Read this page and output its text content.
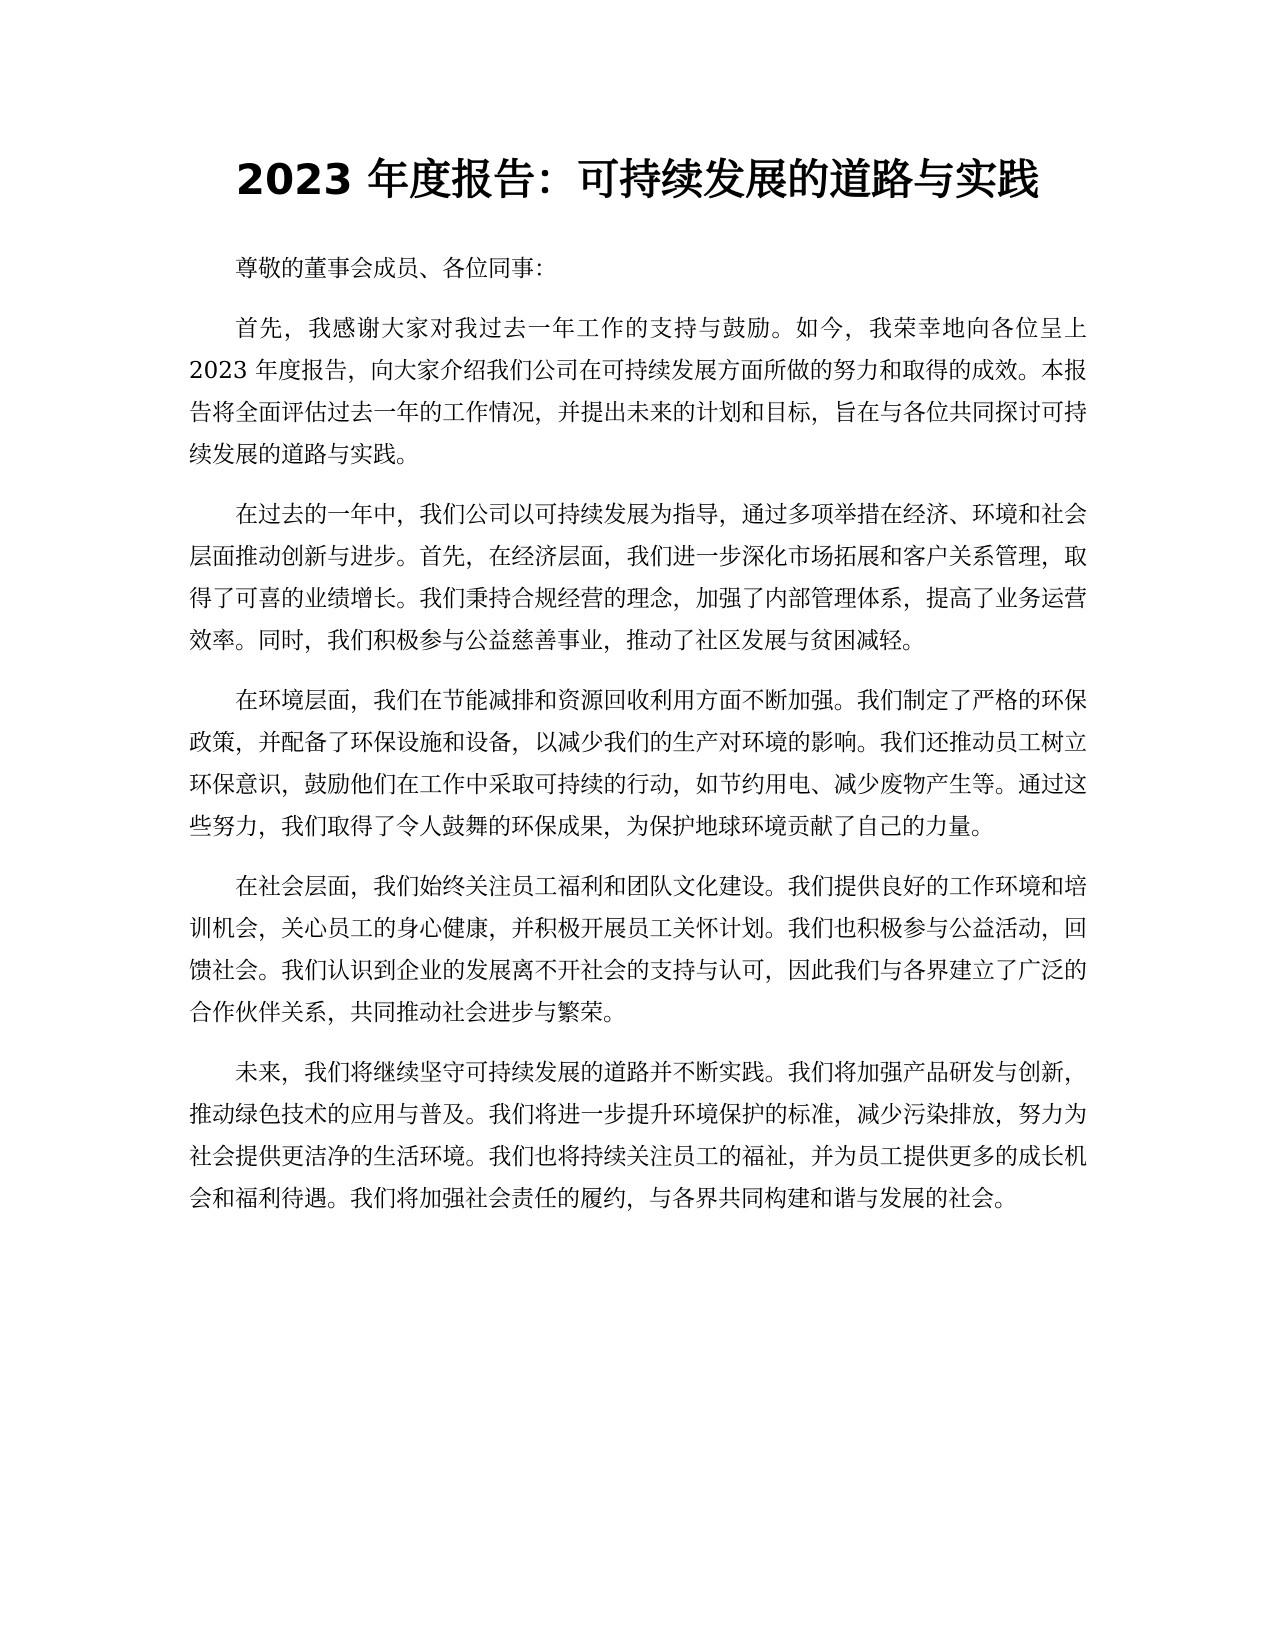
2023 年度报告：可持续发展的道路与实践

尊敬的董事会成员、各位同事：

首先，我感谢大家对我过去一年工作的支持与鼓励。如今，我荣幸地向各位呈上 2023 年度报告，向大家介绍我们公司在可持续发展方面所做的努力和取得的成效。本报告将全面评估过去一年的工作情况，并提出未来的计划和目标，旨在与各位共同探讨可持续发展的道路与实践。

在过去的一年中，我们公司以可持续发展为指导，通过多项举措在经济、环境和社会层面推动创新与进步。首先，在经济层面，我们进一步深化市场拓展和客户关系管理，取得了可喜的业绩增长。我们秉持合规经营的理念，加强了内部管理体系，提高了业务运营效率。同时，我们积极参与公益慈善事业，推动了社区发展与贫困减轻。

在环境层面，我们在节能减排和资源回收利用方面不断加强。我们制定了严格的环保政策，并配备了环保设施和设备，以减少我们的生产对环境的影响。我们还推动员工树立环保意识，鼓励他们在工作中采取可持续的行动，如节约用电、减少废物产生等。通过这些努力，我们取得了令人鼓舞的环保成果，为保护地球环境贡献了自己的力量。

在社会层面，我们始终关注员工福利和团队文化建设。我们提供良好的工作环境和培训机会，关心员工的身心健康，并积极开展员工关怀计划。我们也积极参与公益活动，回馈社会。我们认识到企业的发展离不开社会的支持与认可，因此我们与各界建立了广泛的合作伙伴关系，共同推动社会进步与繁荣。

未来，我们将继续坚守可持续发展的道路并不断实践。我们将加强产品研发与创新，推动绿色技术的应用与普及。我们将进一步提升环境保护的标准，减少污染排放，努力为社会提供更洁净的生活环境。我们也将持续关注员工的福祉，并为员工提供更多的成长机会和福利待遇。我们将加强社会责任的履约，与各界共同构建和谐与发展的社会。
